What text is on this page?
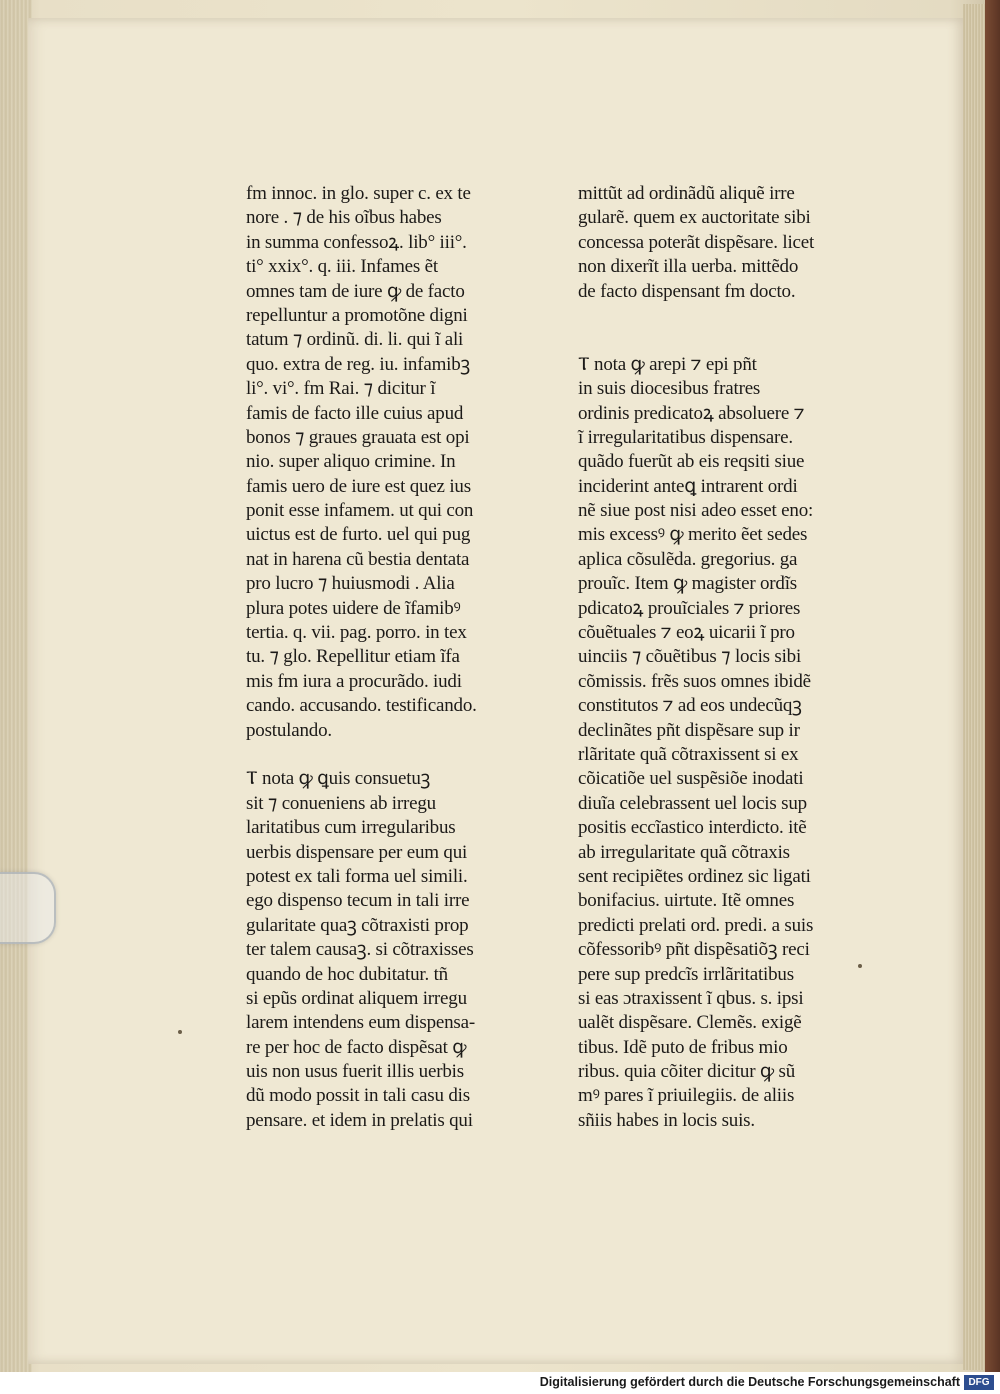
fm innoc. in glo. super c. ex te
nore . ⁊ de his oĩbus habes
in summa confessoꝝ. lib° iii°.
ti° xxix°. q. iii. Infames ẽt
omnes tam de iure ꝙ de facto
repelluntur a promotõne digni
tatum ⁊ ordinũ. di. li. qui ĩ ali
quo. extra de reg. iu. infamibꝫ
li°. vi°. fm Rai. ⁊ dicitur ĩ
famis de facto ille cuius apud
bonos ⁊ graues grauata est opi
nio. super aliquo crimine. In
famis uero de iure est quez ius
ponit esse infamem. ut qui con
uictus est de furto. uel qui pug
nat in harena cũ bestia dentata
pro lucro ⁊ huiusmodi . Alia
plura potes uidere de ĩfamibꝰ
tertia. q. vii. pag. porro. in tex
tu. ⁊ glo. Repellitur etiam ĩfa
mis fm iura a procurãdo. iudi
cando. accusando. testificando.
postulando.
Ⲧ nota ꝙ ꝗuis consuetuꝫ
sit ⁊ conueniens ab irregu
laritatibus cum irregularibus
uerbis dispensare per eum qui
potest ex tali forma uel simili.
ego dispenso tecum in tali irre
gularitate quaꝫ cõtraxisti prop
ter talem causaꝫ. si cõtraxisses
quando de hoc dubitatur. tñ
si epũs ordinat aliquem irregu
larem intendens eum dispensa-
re per hoc de facto dispẽsat ꝙ
uis non usus fuerit illis uerbis
dũ modo possit in tali casu dis
pensare. et idem in prelatis qui
mittũt ad ordinãdũ aliquẽ irre
gularẽ. quem ex auctoritate sibi
concessa poterãt dispẽsare. licet
non dixerĩt illa uerba. mittẽdo
de facto dispensant fm docto.
Ⲧ nota ꝙ arepi ⁊ epi pñt
in suis diocesibus fratres
ordinis predicatoꝝ absoluere ⁊
ĩ irregularitatibus dispensare.
quãdo fuerũt ab eis reqsiti siue
inciderint anteꝗ intrarent ordi
nẽ siue post nisi adeo esset eno:
mis excessꝰ ꝙ merito ẽet sedes
aplica cõsulẽda. gregorius. ga
prouĩc. Item ꝙ magister ordĩs
pdicatoꝝ prouĩciales ⁊ priores
cõuẽtuales ⁊ eoꝝ uicarii ĩ pro
uinciis ⁊ cõuẽtibus ⁊ locis sibi
cõmissis. frẽs suos omnes ibidẽ
constitutos ⁊ ad eos undecũqꝫ
declinãtes pñt dispẽsare sup ir
rlãritate quã cõtraxissent si ex
cõicatiõe uel suspẽsiõe inodati
diuĩa celebrassent uel locis sup
positis eccĩastico interdicto. itẽ
ab irregularitate quã cõtraxis
sent recipiẽtes ordinez sic ligati
bonifacius. uirtute. Itẽ omnes
predicti prelati ord. predi. a suis
cõfessoribꝰ pñt dispẽsatiõꝫ reci
pere sup predcĩs irrlãritatibus
si eas ɔtraxissent ĩ qbus. s. ipsi
ualẽt dispẽsare. Clemẽs. exigẽ
tibus. Idẽ puto de fribus mio
ribus. quia cõiter dicitur ꝙ sũ
mꝰ pares ĩ priuilegiis. de aliis
sñiis habes in locis suis.
Digitalisierung gefördert durch die Deutsche Forschungsgemeinschaft DFG
